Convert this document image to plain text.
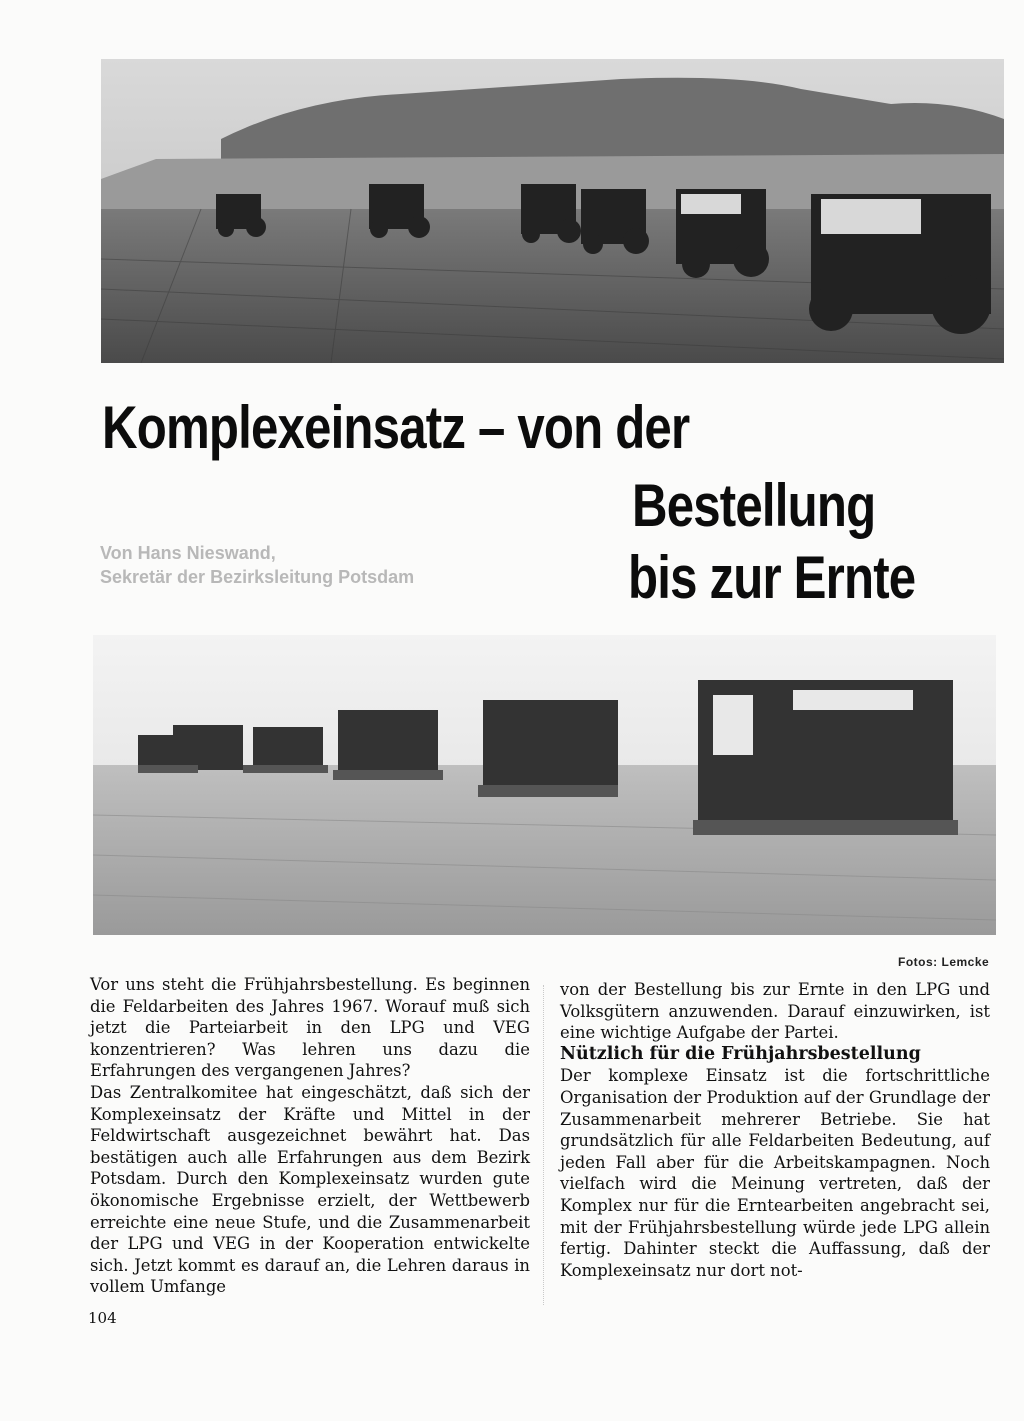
Komplexeinsatz – von der
Bestellung
bis zur Ernte
Von Hans Nieswand,
Sekretär der Bezirksleitung Potsdam
Fotos: Lemcke

Vor uns steht die Frühjahrsbestellung. Es beginnen die Feldarbeiten des Jahres 1967. Worauf muß sich jetzt die Parteiarbeit in den LPG und VEG konzentrieren? Was lehren uns dazu die Erfahrungen des vergangenen Jahres?

Das Zentralkomitee hat eingeschätzt, daß sich der Komplexeinsatz der Kräfte und Mittel in der Feldwirtschaft ausgezeichnet bewährt hat. Das bestätigen auch alle Erfahrungen aus dem Bezirk Potsdam. Durch den Komplexeinsatz wurden gute ökonomische Ergebnisse erzielt, der Wettbewerb erreichte eine neue Stufe, und die Zusammenarbeit der LPG und VEG in der Kooperation entwickelte sich. Jetzt kommt es darauf an, die Lehren daraus in vollem Umfange

von der Bestellung bis zur Ernte in den LPG und Volksgütern anzuwenden. Darauf einzuwirken, ist eine wichtige Aufgabe der Partei.

Nützlich für die Frühjahrsbestellung

Der komplexe Einsatz ist die fortschrittliche Organisation der Produktion auf der Grundlage der Zusammenarbeit mehrerer Betriebe. Sie hat grundsätzlich für alle Feldarbeiten Bedeutung, auf jeden Fall aber für die Arbeitskampagnen. Noch vielfach wird die Meinung vertreten, daß der Komplex nur für die Erntearbeiten angebracht sei, mit der Frühjahrsbestellung würde jede LPG allein fertig. Dahinter steckt die Auffassung, daß der Komplexeinsatz nur dort not-

104
